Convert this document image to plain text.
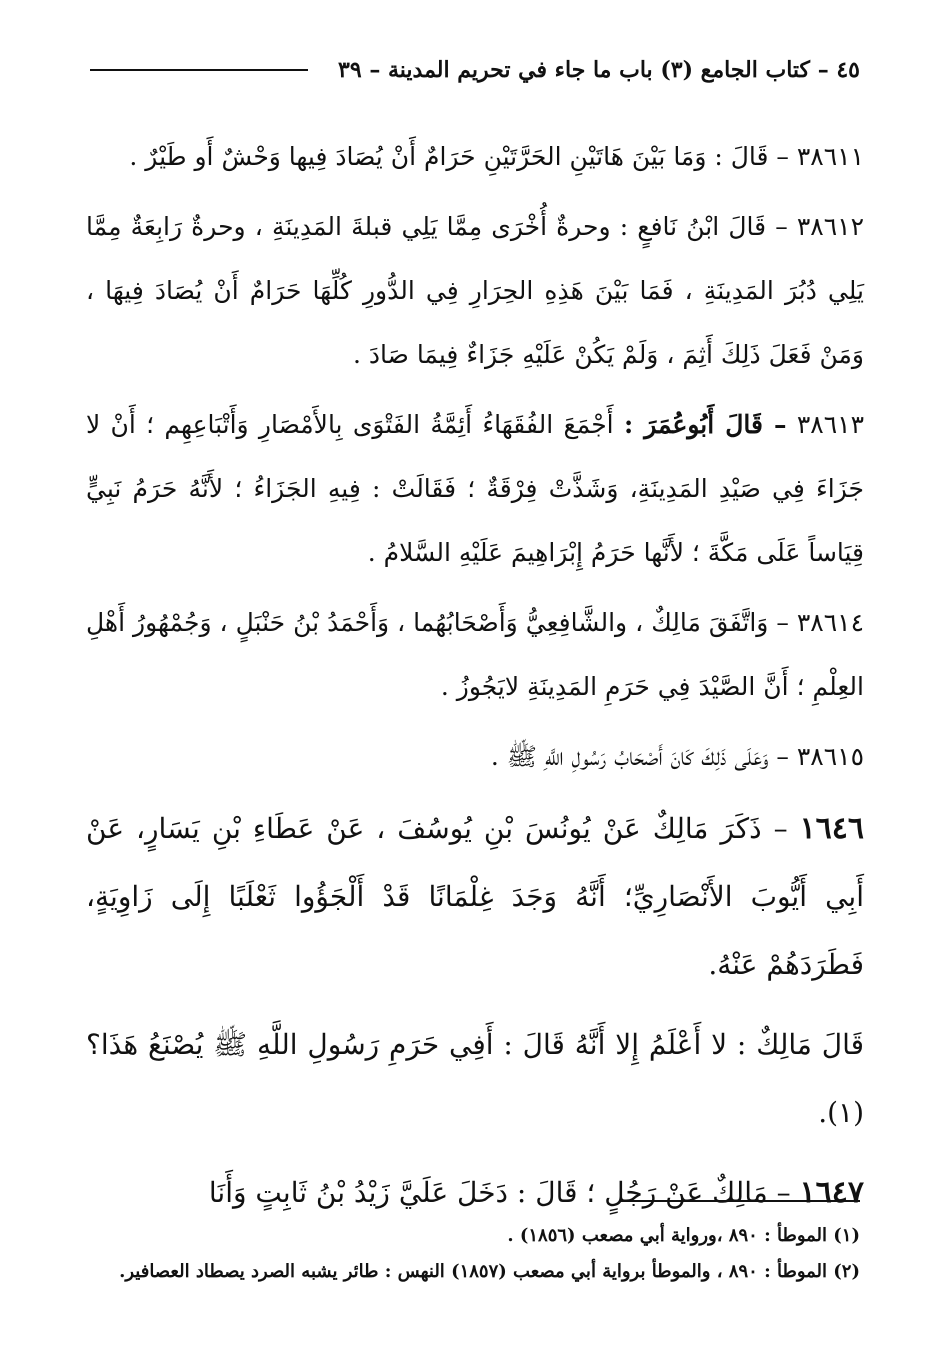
٤٥ – كتاب الجامع (٣) باب ما جاء في تحريم المدينة – ٣٩

٣٨٦١١ – قَالَ : وَمَا بَيْنَ هَاتَيْنِ الحَرَّتَيْنِ حَرَامٌ أَنْ يُصَادَ فِيها وَحْشٌ أَو طَيْرٌ .

٣٨٦١٢ – قَالَ ابْنُ نَافعٍ : وحرةٌ أُخْرَى مِمَّا يَلِي قبلةَ المَدِينَةِ ، وحرةٌ رَابِعَةٌ مِمَّا يَلِي دُبُرَ المَدِينَةِ ، فَمَا بَيْنَ هَذِهِ الحِرَارِ فِي الدُّورِ كُلِّهَا حَرَامٌ أَنْ يُصَادَ فِيهَا ، وَمَنْ فَعَلَ ذَلِكَ أَثِمَ ، وَلَمْ يَكُنْ عَلَيْهِ جَزَاءٌ فِيمَا صَادَ .

٣٨٦١٣ – قَالَ أَبُوعُمَرَ : أَجْمَعَ الفُقَهَاءُ أَئِمَّةُ الفَتْوَى بِالأَمْصَارِ وَأَتْبَاعِهِم ؛ أَنْ لا جَزَاءَ فِي صَيْدِ المَدِينَةِ، وَشَذَّتْ فِرْقَةٌ ؛ فَقَالَتْ : فِيهِ الجَزَاءُ ؛ لأَنَّهُ حَرَمُ نَبِيٍّ قِيَاساً عَلَى مَكَّةَ ؛ لأَنَّها حَرَمُ إِبْرَاهِيمَ عَلَيْهِ السَّلامُ .

٣٨٦١٤ – وَاتَّفَقَ مَالِكٌ ، والشَّافِعِيُّ وَأَصْحَابُهُما ، وَأَحْمَدُ بْنُ حَنْبَلٍ ، وَجُمْهُورُ أَهْلِ العِلْمِ ؛ أَنَّ الصَّيْدَ فِي حَرَمِ المَدِينَةِ لايَجُوزُ .

٣٨٦١٥ – وَعَلَى ذَلِكَ كَانَ أَصْحَابُ رَسُولِ اللَّهِ ﷺ .

١٦٤٦ – ذَكَرَ مَالِكٌ عَنْ يُونُسَ بْنِ يُوسُفَ ، عَنْ عَطَاءِ بْنِ يَسَارٍ، عَنْ أَبِي أَيُّوبَ الأَنْصَارِيِّ؛ أَنَّهُ وَجَدَ غِلْمَانًا قَدْ أَلْجَؤُوا ثَعْلَبًا إِلَى زَاوِيَةٍ، فَطَرَدَهُمْ عَنْهُ.

قَالَ مَالِكٌ : لا أَعْلَمُ إِلا أَنَّهُ قَالَ : أَفِي حَرَمِ رَسُولِ اللَّهِ ﷺ يُصْنَعُ هَذَا؟(١).

١٦٤٧ – مَالِكٌ عَنْ رَجُلٍ ؛ قَالَ : دَخَلَ عَلَيَّ زَيْدُ بْنُ ثَابِتٍ وَأَنَا

(١) الموطأ : ٨٩٠ ،ورواية أبي مصعب (١٨٥٦) .
(٢) الموطأ : ٨٩٠ ، والموطأ برواية أبي مصعب (١٨٥٧) النهس : طائر يشبه الصرد يصطاد العصافير.
